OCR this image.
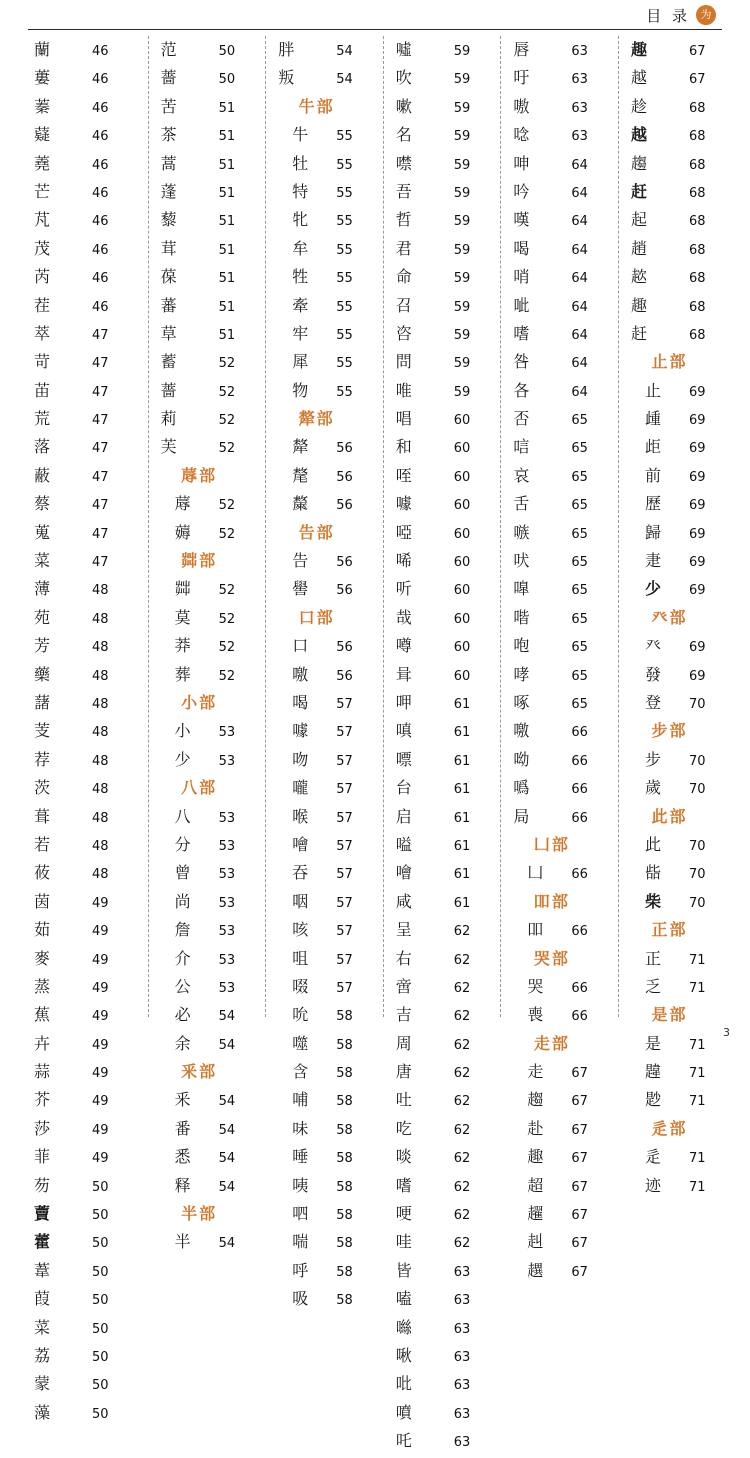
目 录 为
蘭	46
蔞	46
蓁	46
薿	46
蕘	46
芒	46
芃	46
茂	46
芮	46
茬	46
萃	47
苛	47
苖	47
荒	47
落	47
蔽	47
蔡	47
蒐	47
菜	47
薄	48
苑	48
芳	48
藥	48
藷	48
芰	48
荐	48
茨	48
葺	48
若	48
莜	48
茵	49
茹	49
麥	49
蒸	49
蕉	49
卉	49
蒜	49
芥	49
莎	49
菲	49
芴	50
藚	50
藿	50
葦	50
葭	50
菜	50
荔	50
蒙	50
藻	50
范	50
薔	50
苦	51
茶	51
蒿	51
蓬	51
藜	51
茸	51
葆	51
蕃	51
草	51
蓄	52
薔	52
莉	52
芙	52
蓐部
蓐	52
薅	52
茻部
茻	52
莫	52
莽	52
葬	52
小部
小	53
少	53
八部
八	53
分	53
曾	53
尚	53
詹	53
介	53
公	53
必	54
余	54
釆部
釆	54
番	54
悉	54
释	54
半部
半	54
胖	54
叛	54
牛部
牛	55
牡	55
特	55
牝	55
牟	55
牲	55
牽	55
牢	55
犀	55
物	55
犛部
犛	56
氂	56
斄	56
告部
告	56
嚳	56
口部
口	56
噭	56
喝	57
噱	57
吻	57
嚨	57
喉	57
噲	57
吞	57
咽	57
咳	57
咀	57
啜	57
吮	58
噬	58
含	58
哺	58
味	58
唾	58
咦	58
呬	58
喘	58
呼	58
吸	58
噓	59
吹	59
嗽	59
名	59
噤	59
吾	59
哲	59
君	59
命	59
召	59
咨	59
問	59
唯	59
唱	60
和	60
咥	60
噱	60
啞	60
唏	60
听	60
哉	60
噂	60
咠	60
呷	61
嗔	61
嘌	61
台	61
启	61
嗌	61
噲	61
咸	61
呈	62
右	62
啻	62
吉	62
周	62
唐	62
吐	62
吃	62
啖	62
嗜	62
哽	62
哇	62
皆	63
嗑	63
噝	63
啾	63
吡	63
噴	63
吒	63
唇	63
吁	63
嗷	63
唸	63
呻	64
吟	64
嘆	64
喝	64
哨	64
呲	64
嗜	64
咎	64
各	64
否	65
唁	65
哀	65
舌	65
嗾	65
吠	65
嘷	65
喈	65
咆	65
哮	65
啄	65
噭	66
呦	66
噅	66
局	66
凵部
凵	66
吅部
吅	66
哭部
哭	66
喪	66
走部
走	67
趨	67
赴	67
趣	67
超	67
趯	67
赳	67
趩	67
趣	67
越	67
趁	68
越	68
趨	68
赶	68
起	68
趙	68
趑	68
趣	68
赶	68
止部
止	69
歱	69
歫	69
前	69
歷	69
歸	69
疌	69
少	69
癶部
癶	69
發	69
登	70
步部
步	70
歲	70
此部
此	70
啙	70
柴	70
正部
正	71
乏	71
是部
是	71
韙	71
尟	71
辵部
辵	71
迹	71
3
